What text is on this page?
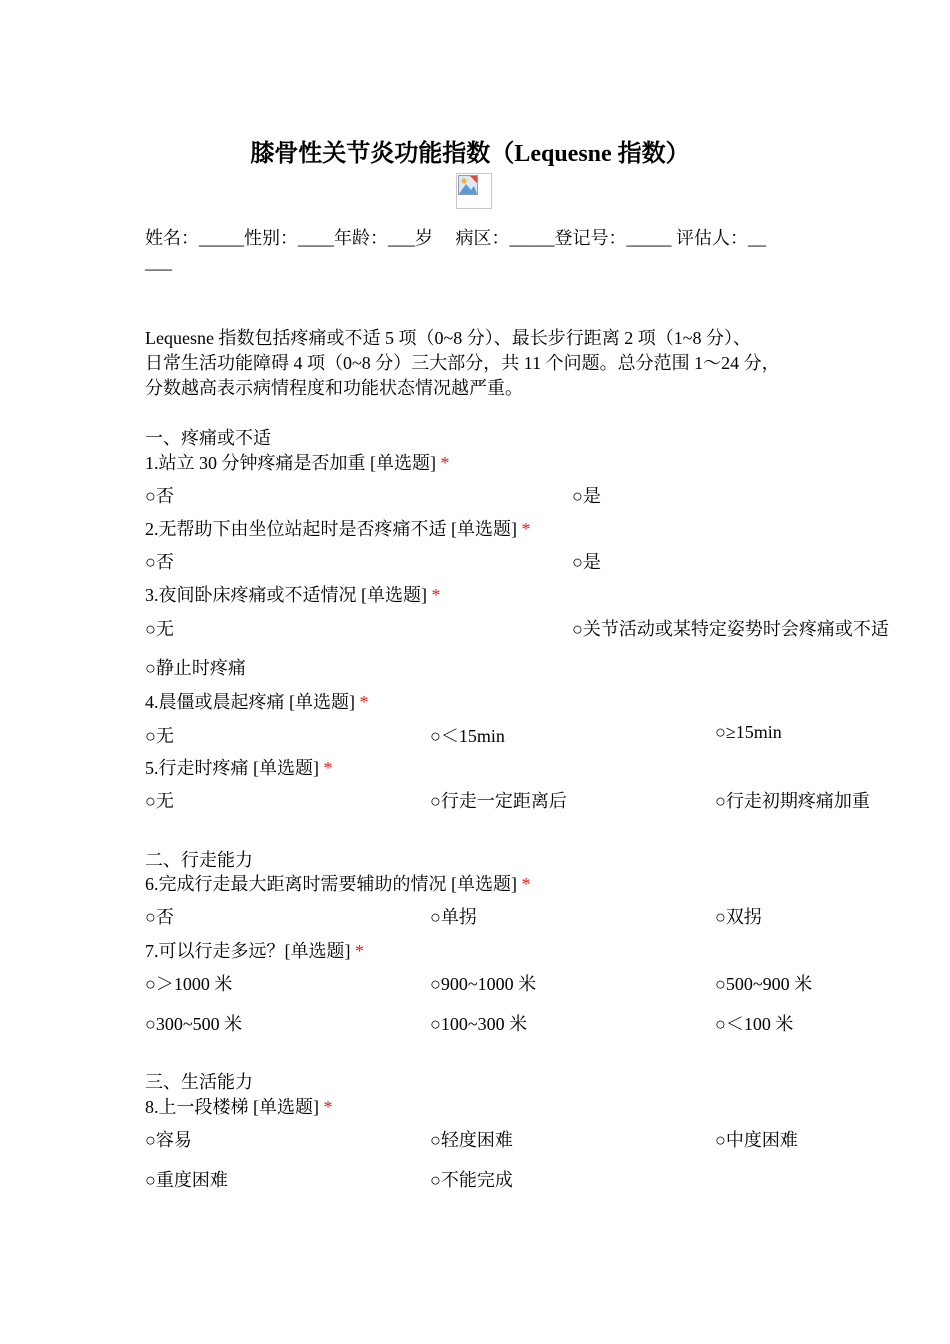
膝骨性关节炎功能指数（Lequesne 指数）
姓名：_____性别：____年龄：___岁　 病区：_____登记号：_____ 评估人：__
___
Lequesne 指数包括疼痛或不适 5 项（0~8 分）、最长步行距离 2 项（1~8 分）、
日常生活功能障碍 4 项（0~8 分）三大部分，共 11 个问题。总分范围 1～24 分，
分数越高表示病情程度和功能状态情况越严重。
一、疼痛或不适
1.站立 30 分钟疼痛是否加重 [单选题] *
○否	○是
2.无帮助下由坐位站起时是否疼痛不适 [单选题] *
○否	○是
3.夜间卧床疼痛或不适情况 [单选题] *
○无	○关节活动或某特定姿势时会疼痛或不适
○静止时疼痛
4.晨僵或晨起疼痛 [单选题] *
○无	○＜15min	○≥15min
5.行走时疼痛 [单选题] *
○无	○行走一定距离后	○行走初期疼痛加重
二、行走能力
6.完成行走最大距离时需要辅助的情况 [单选题] *
○否	○单拐	○双拐
7.可以行走多远？[单选题] *
○＞1000 米	○900~1000 米	○500~900 米
○300~500 米	○100~300 米	○＜100 米
三、生活能力
8.上一段楼梯 [单选题] *
○容易	○轻度困难	○中度困难
○重度困难	○不能完成
